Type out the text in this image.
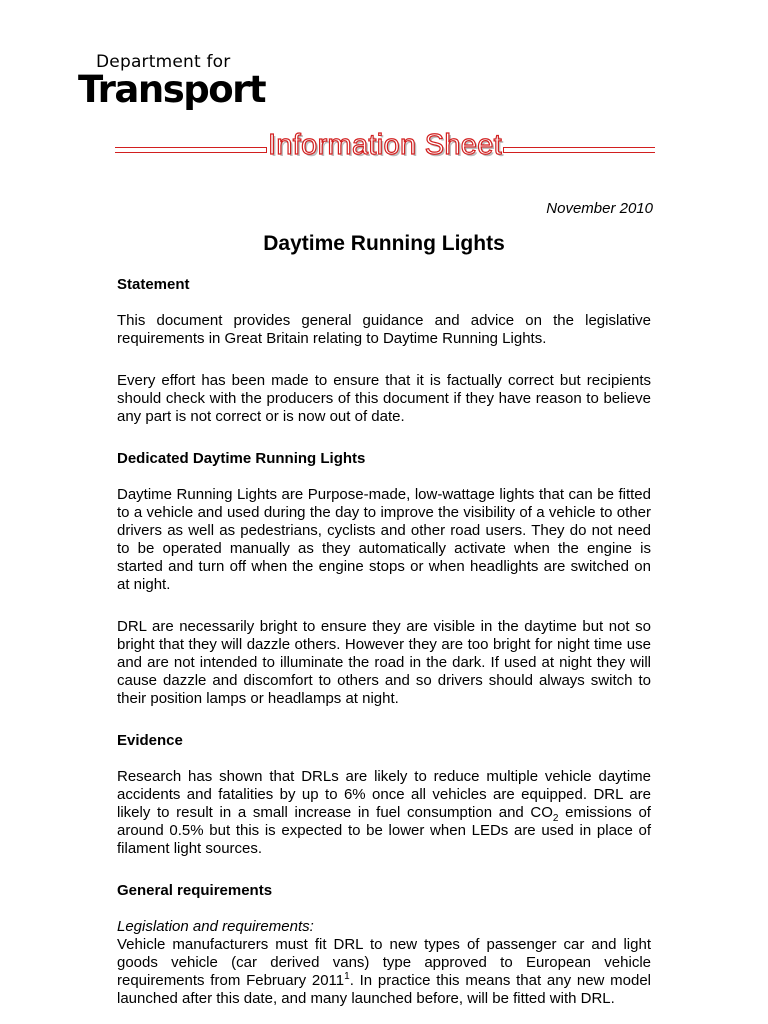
Department for
Transport
Information Sheet
November 2010
Daytime Running Lights
Statement

This document provides general guidance and advice on the legislative requirements in Great Britain relating to Daytime Running Lights.

Every effort has been made to ensure that it is factually correct but recipients should check with the producers of this document if they have reason to believe any part is not correct or is now out of date.

Dedicated Daytime Running Lights

Daytime Running Lights are Purpose-made, low-wattage lights that can be fitted to a vehicle and used during the day to improve the visibility of a vehicle to other drivers as well as pedestrians, cyclists and other road users. They do not need to be operated manually as they automatically activate when the engine is started and turn off when the engine stops or when headlights are switched on at night.

DRL are necessarily bright to ensure they are visible in the daytime but not so bright that they will dazzle others. However they are too bright for night time use and are not intended to illuminate the road in the dark. If used at night they will cause dazzle and discomfort to others and so drivers should always switch to their position lamps or headlamps at night.

Evidence

Research has shown that DRLs are likely to reduce multiple vehicle daytime accidents and fatalities by up to 6% once all vehicles are equipped. DRL are likely to result in a small increase in fuel consumption and $CO_2$ emissions of around 0.5% but this is expected to be lower when LEDs are used in place of filament light sources.

General requirements

Legislation and requirements:

Vehicle manufacturers must fit DRL to new types of passenger car and light goods vehicle (car derived vans) type approved to European vehicle requirements from February 2011$^1$. In practice this means that any new model launched after this date, and many launched before, will be fitted with DRL.
